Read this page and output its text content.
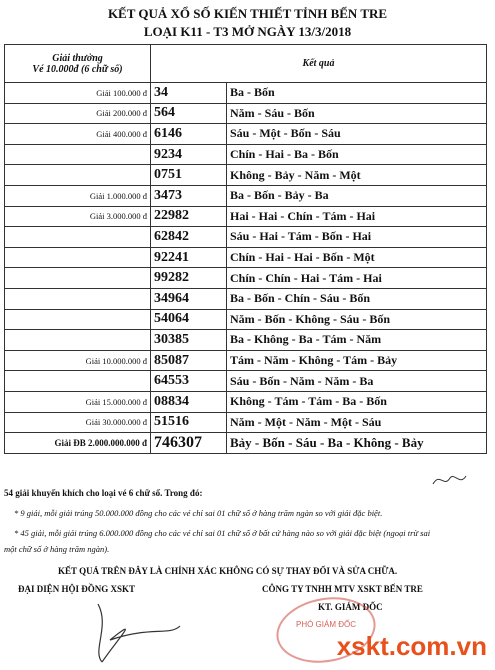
KẾT QUẢ XỔ SỐ KIẾN THIẾT TỈNH BẾN TRE
LOẠI K11 - T3 MỞ NGÀY 13/3/2018
Giải thưởng
Vé 10.000đ (6 chữ số)	Kết quả	
Giải 100.000 đ	34	Ba - Bốn
Giải 200.000 đ	564	Năm - Sáu - Bốn
Giải 400.000 đ	6146	Sáu - Một - Bốn - Sáu
	9234	Chín - Hai - Ba - Bốn
	0751	Không - Bảy - Năm - Một
Giải 1.000.000 đ	3473	Ba - Bốn - Bảy - Ba
Giải 3.000.000 đ	22982	Hai - Hai - Chín - Tám - Hai
	62842	Sáu - Hai - Tám - Bốn - Hai
	92241	Chín - Hai - Hai - Bốn - Một
	99282	Chín - Chín - Hai - Tám - Hai
	34964	Ba - Bốn - Chín - Sáu - Bốn
	54064	Năm - Bốn - Không - Sáu - Bốn
	30385	Ba - Không - Ba - Tám - Năm
Giải 10.000.000 đ	85087	Tám - Năm - Không - Tám - Bảy
	64553	Sáu - Bốn - Năm - Năm - Ba
Giải 15.000.000 đ	08834	Không - Tám - Tám - Ba - Bốn
Giải 30.000.000 đ	51516	Năm - Một - Năm - Một - Sáu
Giải ĐB 2.000.000.000 đ	746307	Bảy - Bốn - Sáu - Ba - Không - Bảy
54 giải khuyến khích cho loại vé 6 chữ số. Trong đó:
* 9 giải, mỗi giải trúng 50.000.000 đồng cho các vé chỉ sai 01 chữ số ở hàng trăm ngàn so với giải đặc biệt.
* 45 giải, mỗi giải trúng 6.000.000 đồng cho các vé chỉ sai 01 chữ số ở bất cứ hàng nào so với giải đặc biệt (ngoại trừ sai
một chữ số ở hàng trăm ngàn).
KẾT QUẢ TRÊN ĐÂY LÀ CHÍNH XÁC KHÔNG CÓ SỰ THAY ĐỔI VÀ SỬA CHỮA.
ĐẠI DIỆN HỘI ĐỒNG XSKT	CÔNG TY TNHH MTV XSKT BẾN TRE
KT. GIÁM ĐỐC
PHÓ GIÁM ĐỐC
xskt.com.vn
